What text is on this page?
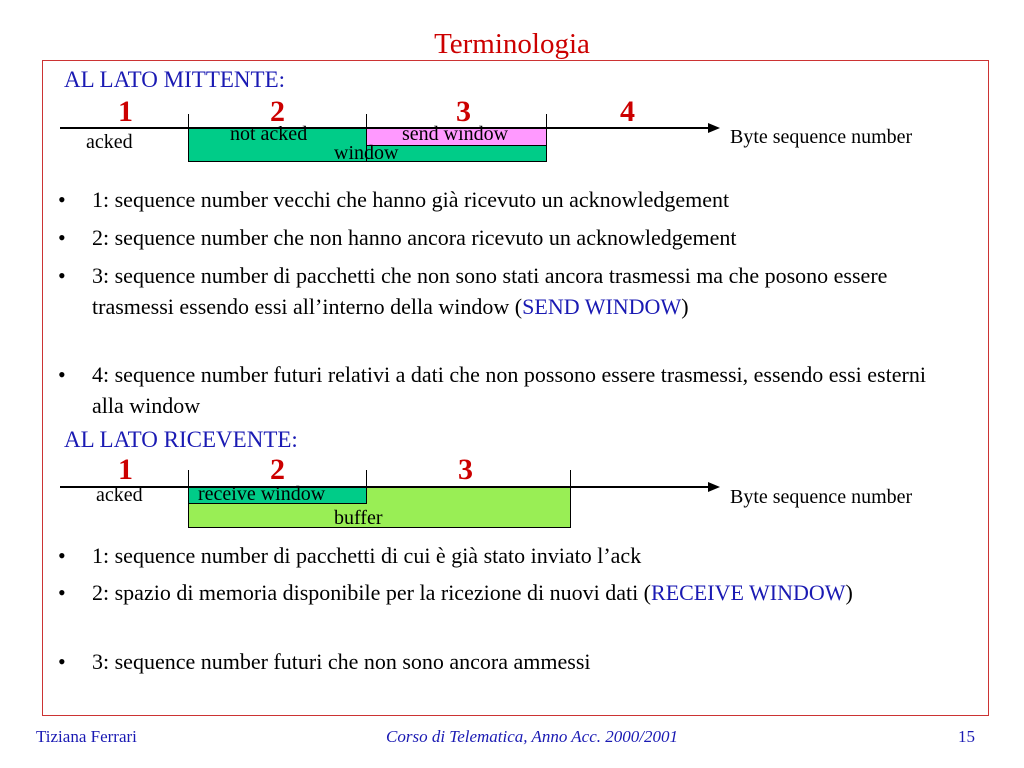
Terminologia
AL LATO MITTENTE:
1	2	3	4
acked	not acked	send window
window
Byte sequence number
• 1: sequence number vecchi che hanno già ricevuto un acknowledgement
• 2: sequence number che non hanno ancora ricevuto un acknowledgement
• 3: sequence number di pacchetti che non sono stati ancora trasmessi ma che posono essere trasmessi essendo essi all’interno della window (SEND WINDOW)
• 4: sequence number futuri relativi a dati che non possono essere trasmessi, essendo essi esterni alla window
AL LATO RICEVENTE:
1	2	3
acked	receive window
buffer
Byte sequence number
• 1: sequence number di pacchetti di cui è già stato inviato l’ack
• 2: spazio di memoria disponibile per la ricezione di nuovi dati (RECEIVE WINDOW)
• 3: sequence number futuri che non sono ancora ammessi
Tiziana Ferrari	Corso di Telematica, Anno Acc. 2000/2001	15
